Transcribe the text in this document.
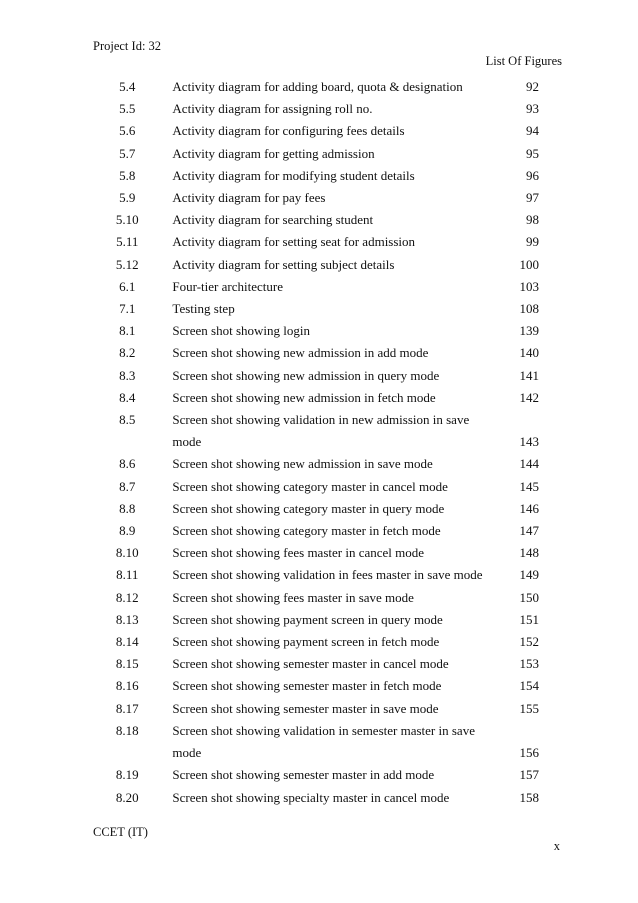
Project Id: 32
List Of Figures
5.4	Activity diagram for adding board, quota & designation	92
5.5	Activity diagram for assigning roll no.	93
5.6	Activity diagram for configuring fees details	94
5.7	Activity diagram for getting admission	95
5.8	Activity diagram for modifying student details	96
5.9	Activity diagram for pay fees	97
5.10	Activity diagram for searching student	98
5.11	Activity diagram for setting seat for admission	99
5.12	Activity diagram for setting subject details	100
6.1	Four-tier architecture	103
7.1	Testing step	108
8.1	Screen shot showing login	139
8.2	Screen shot showing new admission in add mode	140
8.3	Screen shot showing new admission in query mode	141
8.4	Screen shot showing new admission in fetch mode	142
8.5	Screen shot showing validation in new admission in save
mode	143
8.6	Screen shot showing new admission in save mode	144
8.7	Screen shot showing category master in cancel mode	145
8.8	Screen shot showing category master in query mode	146
8.9	Screen shot showing category master in fetch mode	147
8.10	Screen shot showing fees master in cancel mode	148
8.11	Screen shot showing validation in fees master in save mode	149
8.12	Screen shot showing fees master in save mode	150
8.13	Screen shot showing payment screen in query mode	151
8.14	Screen shot showing payment screen in fetch mode	152
8.15	Screen shot showing semester master in cancel mode	153
8.16	Screen shot showing semester master in fetch mode	154
8.17	Screen shot showing semester master in save mode	155
8.18	Screen shot showing validation in semester master in save
mode	156
8.19	Screen shot showing semester master in add mode	157
8.20	Screen shot showing specialty master in cancel mode	158
CCET (IT)
x
